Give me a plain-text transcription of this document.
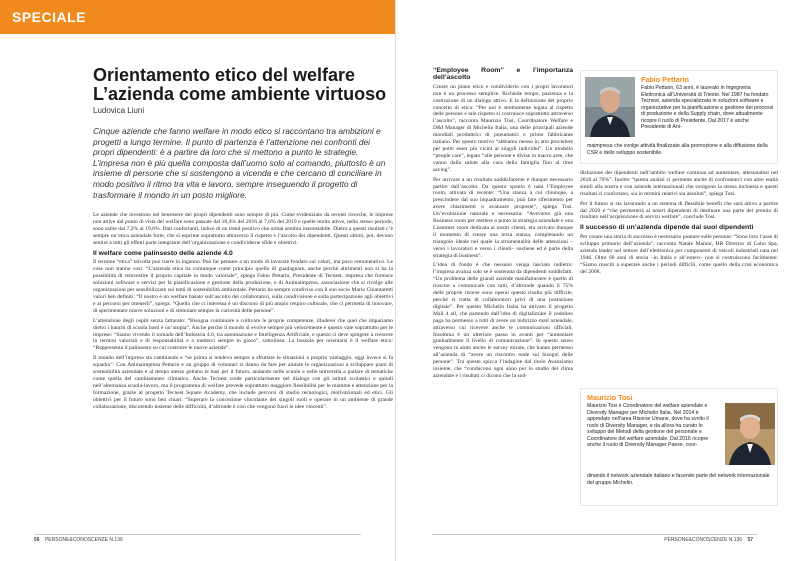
SPECIALE
Orientamento etico del welfare
L’azienda come ambiente virtuoso
Ludovica Liuni
Cinque aziende che fanno welfare in modo etico si raccontano tra ambizioni e progetti a lungo termine. Il punto di partenza è l’attenzione nei confronti dei propri dipendenti: è a partire da loro che si mettono a punto le strategie. L’impresa non è più quella composta dall’uomo solo al comando, piuttosto è un insieme di persone che si sostengono a vicenda e che cercano di conciliare in modo positivo il ritmo tra vita e lavoro, sempre inseguendo il progetto di trasformare il mondo in un posto migliore.

Le aziende che investono nel benessere dei propri dipendenti sono sempre di più. Come evidenziato da recenti ricerche, le imprese non attive dal punto di vista del welfare sono passate dal 18,4% del 2016 al 7,6% del 2019 e quelle molto attive, nello stesso periodo, sono salite dal 7,2% al 19,6%. Dati confortanti, indice di un trend positivo che ormai sembra inarrestabile. Dietro a questi risultati c’è sempre un’etica aziendale forte, che si esprime soprattutto attraverso il rispetto e l’ascolto dei dipendenti. Questi ultimi, poi, devono sentire a tutti gli effetti parte integrante dell’organizzazione e condividerne sfide e obiettivi.

Il welfare come palinsesto delle aziende 4.0

Il termine “etica” talvolta può trarre in inganno. Può far pensare a un modo di lavorare fondato sui valori, ma poco remunerativo. Le cose non stanno così: “L’azienda etica ha comunque come principio quello di guadagnare, anche perché altrimenti non si ha la possibilità di reinvestire il proprio capitale in modo valoriale”, spiega Fabio Pettarin, Presidente di Tecnest, impresa che fornisce soluzioni software e servizi per la pianificazione e gestione della produzione, e di Animaimpresa, associazione che si rivolge alle organizzazioni per sensibilizzare sui temi di sostenibilità ambientale. Pettarin ha sempre condiviso con il suo socio Mario Chiantaretti valori ben definiti: “Il nostro è un welfare basato sull’ascolto dei collaboratori, sulla condivisione e sulla partecipazione agli obiettivi e ai percorsi per ottenerli”, spiega. “Quello che ci interessa è un discorso di più ampio respiro culturale, che ci permetta di innovare, di sperimentare nuove soluzioni e di stimolare sempre la curiosità delle persone”.

L’attenzione degli ospiti senza fatturato: “Bisogna continuare a coltivare le proprie competenze, illuderei che quel che impariamo dietro i banchi di scuola basti è un’utopia”. Anche perché il mondo si evolve sempre più velocemente e questo vale soprattutto per le imprese: “Siamo vivendo il tornado dell’Industria 4.0, tra automazione e Intelligenza Artificiale, e questo ci deve spingere a crescere in termini valoriali e di responsabilità e a metterci sempre in gioco”, sottolinea. La bussola per orientarsi è il welfare etico: “Rappresenta il palinsesto su cui costruire le nuove aziende”.

Il mondo dell’impresa sta cambiando e “se prima si tendeva sempre a sfruttare le situazioni a proprio vantaggio, oggi invece si fa squadra”. Con Animaimpresa Pettarin e un gruppo di volontari si danno da fare per aiutare le organizzazioni a sviluppare piani di sostenibilità aziendale e al tempo stesso gettano le basi per il futuro, andando nelle scuole e nelle università a parlare di tematiche come quella del cambiamento climatico. Anche Tecnest crede particolarmente nel dialogo con gli istituti scolastici e quindi nell’alternanza scuola-lavoro, ma il programma di welfare prevede soprattutto maggiore flessibilità per le mamme e attenzione per la formazione, grazie al progetto Tecnest Square Academy, che include percorsi di studio tecnologici, motivazionali ed etici. Gli obiettivi per il futuro sono ben chiari: “Superare la concezione vincolante dei singoli ruoli e operare in un ambiente di grande collaborazione, discutendo insieme delle difficoltà, d’altronde è così che vengono fuori le idee vincenti”.

56 PERSONE&CONOSCENZE N.136
“Employee Room” e l’importanza dell’ascolto

Creare un piano etico e condividerlo con i propri lavoratori non è un processo semplice. Richiede tempo, pazienza e la costruzione di un dialogo attivo. E la definizione del proprio concetto di etica: “Per noi è strettamente legata al rispetto delle persone e tale rispetto si costruisce soprattutto attraverso l’ascolto”, racconta Maurizio Tosi, Coordinatore Welfare e D&I Manager di Michelin Italia, una delle principali aziende mondiali produttrici di pneumatici e primo fabbricante italiano. Per questo motivo “abbiamo messo in atto procedure per poter esser più vicini ai singoli individui”. Un modello “people care”, legato “alle persone e divise in macro aree, che vanno dalla salute alla cura della famiglia fino al time saving”.

Per arrivare a un risultato soddisfacente è dunque necessario partire dall’ascolto. Da questo spunto è nata l’Employee room, attivata di recente: “Una stanza a cui chiunque, a prescindere dal suo inquadramento, può fare riferimento per avere chiarimenti o avanzare proposte”, spiega Tosi. Un’evoluzione naturale e necessaria: “Avevamo già una Business room per mettere a punto la strategia aziendale e una Customer room dedicata ai nostri clienti, era arrivato dunque il momento di creare una terza stanza, completando un triangolo ideale nel quale la strumentalità delle attenzioni –verso i lavoratori e verso i clienti– sostiene ed è parte della strategia di business”.

L’idea di fondo è che nessuno venga lasciato indietro: l’impresa avanza solo se è sostenuta da dipendenti soddisfatti. “Un problema delle grandi aziende manifatturiere è quello di riuscire a comunicare con tutti, d’altronde quando il 75% delle proprie risorse sono operai questo risulta più difficile, perché si tratta di collaboratori privi di una postazione digitale”. Per questo Michelin Italia ha attivato il progetto Mail 4 all, che partendo dall’idea di digitalizzare il cedolino paga ha permesso a tutti di avere un indirizzo mail aziendale, attraverso cui ricevere anche le comunicazioni ufficiali. Insomma è un ulteriore passo in avanti per “aumentare gradualmente il livello di comunicazione”. In questo senso vengono in aiuto anche le survey mirate, che hanno permesso all’azienda di “avere un riscontro reale sui bisogni delle persone”. Tra queste spicca l’indagine dal titolo Avanziamo insieme, che “conducono ogni anno per lo studio del clima aziendale e i risultati ci dicono che la sod-

Fabio Pettarin
Fabio Pettarin, 63 anni, è laureato in Ingegneria Elettronica all’Università di Trieste. Nel 1987 ha fondato Tecnest, azienda specializzata in soluzioni software e organizzative per la pianificazione e gestione dei processi di produzione e della Supply chain, dove attualmente ricopre il ruolo di Presidente. Dal 2017 è anche Presidente di Ani-
maimpresa che svolge attività finalizzate alla promozione e alla diffusione della CSR e dello sviluppo sostenibile.

disfazione dei dipendenti nell’ambito welfare continua ad aumentare, attestandosi nel 2018 al 70%”. Inoltre “questa analisi ci permette anche di confrontarci con altre realtà simili alla nostra e con aziende internazionali che svolgono la stessa inchiesta e questi risultati ci confortano, sia in termini relativi sia assoluti”, spiega Tosi.

Per il futuro si sta lavorando a un sistema di flessibile benefit che sarà attivo a partire dal 2020 e “che permetterà ai nostri dipendenti di destinare una parte del premio di risultato nell’acquisizione di servizi welfare”, conclude Tosi.

Il successo di un’azienda dipende dai suoi dipendenti

Per creare una storia di successo è necessario puntare sulle persone: “Sono loro l’asse di sviluppo primario dell’azienda”, racconta Natale Manini, HR Director di Cobo Spa, azienda leader nel settore dell’elettronica per componenti di veicoli industriali nata nel 1946. Oltre 60 anni di storia –in Italia e all’estero– non si costruiscono facilmente: “Siamo riusciti a superare anche i periodi difficili, come quello della crisi economica del 2008,

Maurizio Tosi
Maurizio Tosi è Coordinatore del welfare aziendale e Diversity Manager per Michelin Italia. Nel 2014 è approdato nell’area Risorse Umane, dove ha svolto il ruolo di Diversity Manager, e da allora ha curato lo sviluppo dei Metodi della gestione del personale e Coordinatore del welfare aziendale. Dal 2016 ricopre anche il ruolo di Diversity Manager Paese, coor-
dinando il network aziendale italiano e facendo parte del network internazionale del gruppo Michelin.
PERSONE&CONOSCENZE N.136 57
